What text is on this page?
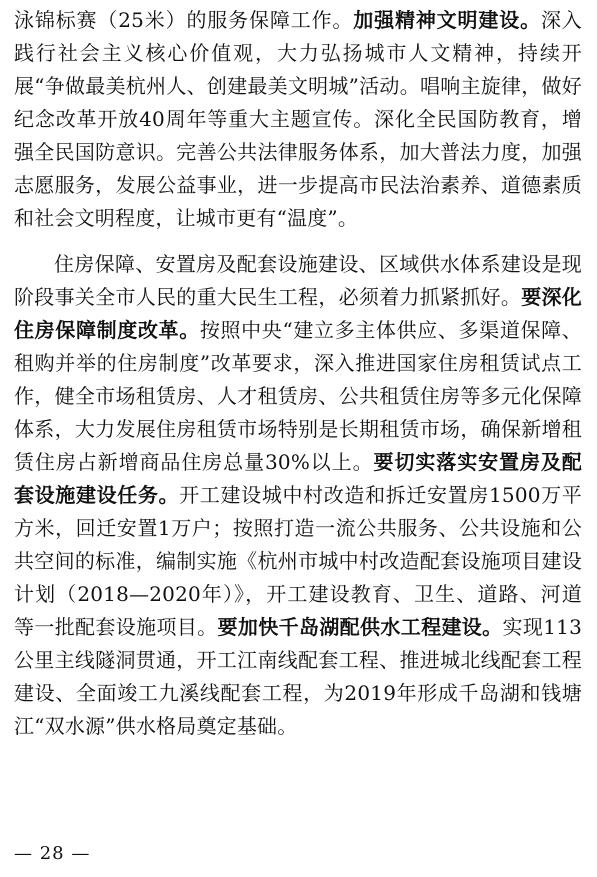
泳锦标赛（25米）的服务保障工作。加强精神文明建设。深入践行社会主义核心价值观，大力弘扬城市人文精神，持续开展“争做最美杭州人、创建最美文明城”活动。唱响主旋律，做好纪念改革开放40周年等重大主题宣传。深化全民国防教育，增强全民国防意识。完善公共法律服务体系，加大普法力度，加强志愿服务，发展公益事业，进一步提高市民法治素养、道德素质和社会文明程度，让城市更有“温度”。

住房保障、安置房及配套设施建设、区域供水体系建设是现阶段事关全市人民的重大民生工程，必须着力抓紧抓好。要深化住房保障制度改革。按照中央“建立多主体供应、多渠道保障、租购并举的住房制度”改革要求，深入推进国家住房租赁试点工作，健全市场租赁房、人才租赁房、公共租赁住房等多元化保障体系，大力发展住房租赁市场特别是长期租赁市场，确保新增租赁住房占新增商品住房总量30%以上。要切实落实安置房及配套设施建设任务。开工建设城中村改造和拆迁安置房1500万平方米，回迁安置1万户；按照打造一流公共服务、公共设施和公共空间的标准，编制实施《杭州市城中村改造配套设施项目建设计划（2018—2020年）》，开工建设教育、卫生、道路、河道等一批配套设施项目。要加快千岛湖配供水工程建设。实现113公里主线隧洞贯通，开工江南线配套工程、推进城北线配套工程建设、全面竣工九溪线配套工程，为2019年形成千岛湖和钱塘江“双水源”供水格局奠定基础。

— 28 —
